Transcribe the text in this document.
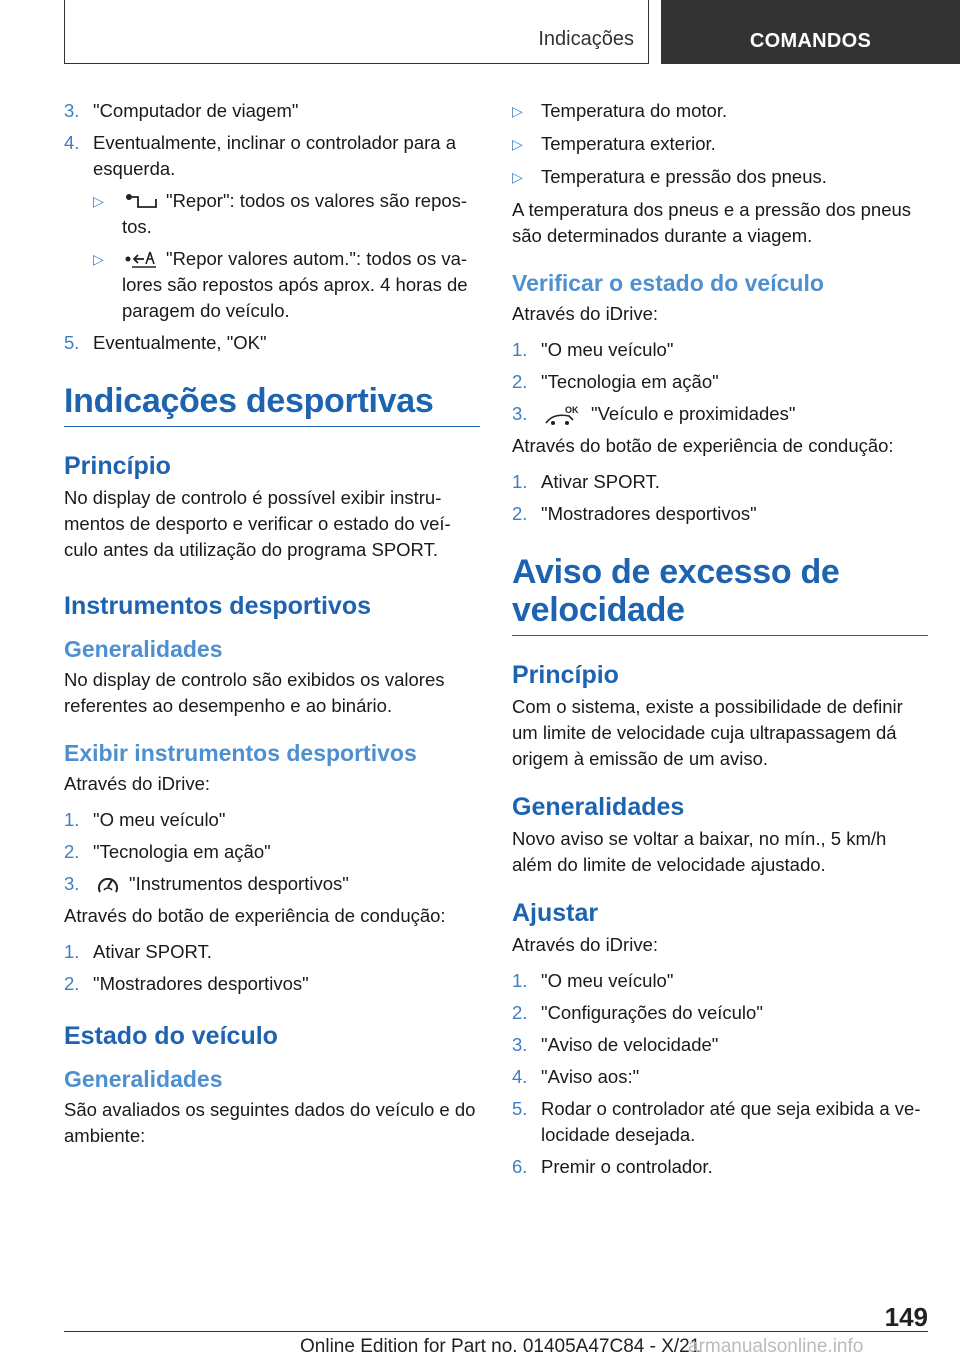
Indicações	COMANDOS
3. "Computador de viagem"
4. Eventualmente, inclinar o controlador para a esquerda.
▷	"Repor": todos os valores são repos-tos.
▷	"Repor valores autom.": todos os va-lores são repostos após aprox. 4 horas de paragem do veículo.
5. Eventualmente, "OK"
Indicações desportivas
Princípio
No display de controlo é possível exibir instru-mentos de desporto e verificar o estado do veí-culo antes da utilização do programa SPORT.
Instrumentos desportivos
Generalidades
No display de controlo são exibidos os valores referentes ao desempenho e ao binário.
Exibir instrumentos desportivos
Através do iDrive:
1. "O meu veículo"
2. "Tecnologia em ação"
3.	"Instrumentos desportivos"
Através do botão de experiência de condução:
1. Ativar SPORT.
2. "Mostradores desportivos"
Estado do veículo
Generalidades
São avaliados os seguintes dados do veículo e do ambiente:
▷ Temperatura do motor.
▷ Temperatura exterior.
▷ Temperatura e pressão dos pneus.
A temperatura dos pneus e a pressão dos pneus são determinados durante a viagem.
Verificar o estado do veículo
Através do iDrive:
1. "O meu veículo"
2. "Tecnologia em ação"
3.	OK "Veículo e proximidades"
Através do botão de experiência de condução:
1. Ativar SPORT.
2. "Mostradores desportivos"
Aviso de excesso de
velocidade
Princípio
Com o sistema, existe a possibilidade de definir um limite de velocidade cuja ultrapassagem dá origem à emissão de um aviso.
Generalidades
Novo aviso se voltar a baixar, no mín., 5 km/h além do limite de velocidade ajustado.
Ajustar
Através do iDrive:
1. "O meu veículo"
2. "Configurações do veículo"
3. "Aviso de velocidade"
4. "Aviso aos:"
5. Rodar o controlador até que seja exibida a ve-locidade desejada.
6. Premir o controlador.
149
Online Edition for Part no. 01405A47C84 - X/21
armanualsonline.info
